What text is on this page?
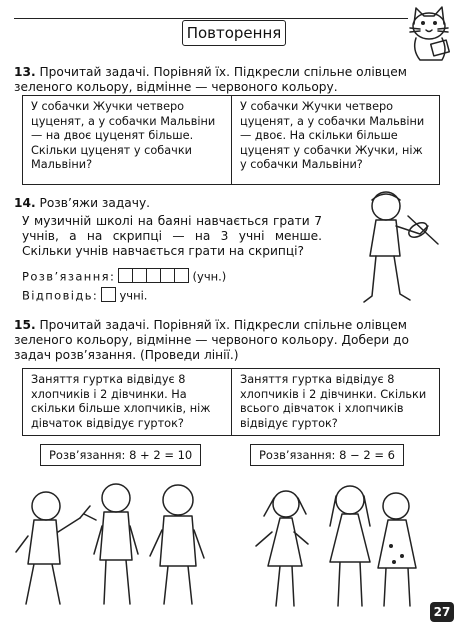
Повторення
13. Прочитай задачі. Порівняй їх. Підкресли спільне олівцем зеленого кольору, відмінне — червоного кольору.
У собачки Жучки четверо цуценят, а у собачки Мальвіни — на двоє цуценят більше. Скільки цуценят у собачки Мальвіни?
У собачки Жучки четверо цуценят, а у собачки Мальвіни — двоє. На скільки більше цуценят у собачки Жучки, ніж у собачки Мальвіни?
14. Розв’яжи задачу.
У музичній школі на баяні навчається грати 7 учнів, а на скрипці — на 3 учні менше. Скільки учнів навчається грати на скрипці?
Розв’язання:	(учн.)
Відповідь: учні.
15. Прочитай задачі. Порівняй їх. Підкресли спільне олівцем зеленого кольору, відмінне — червоного кольору. Добери до задач розв’язання. (Проведи лінії.)
Заняття гуртка відвідує 8 хлопчиків і 2 дівчинки. На скільки більше хлопчиків, ніж дівчаток відвідує гурток?
Заняття гуртка відвідує 8 хлопчиків і 2 дівчинки. Скільки всього дівчаток і хлопчиків відвідує гурток?
Розв’язання: 8 + 2 = 10	Розв’язання: 8 − 2 = 6
27
